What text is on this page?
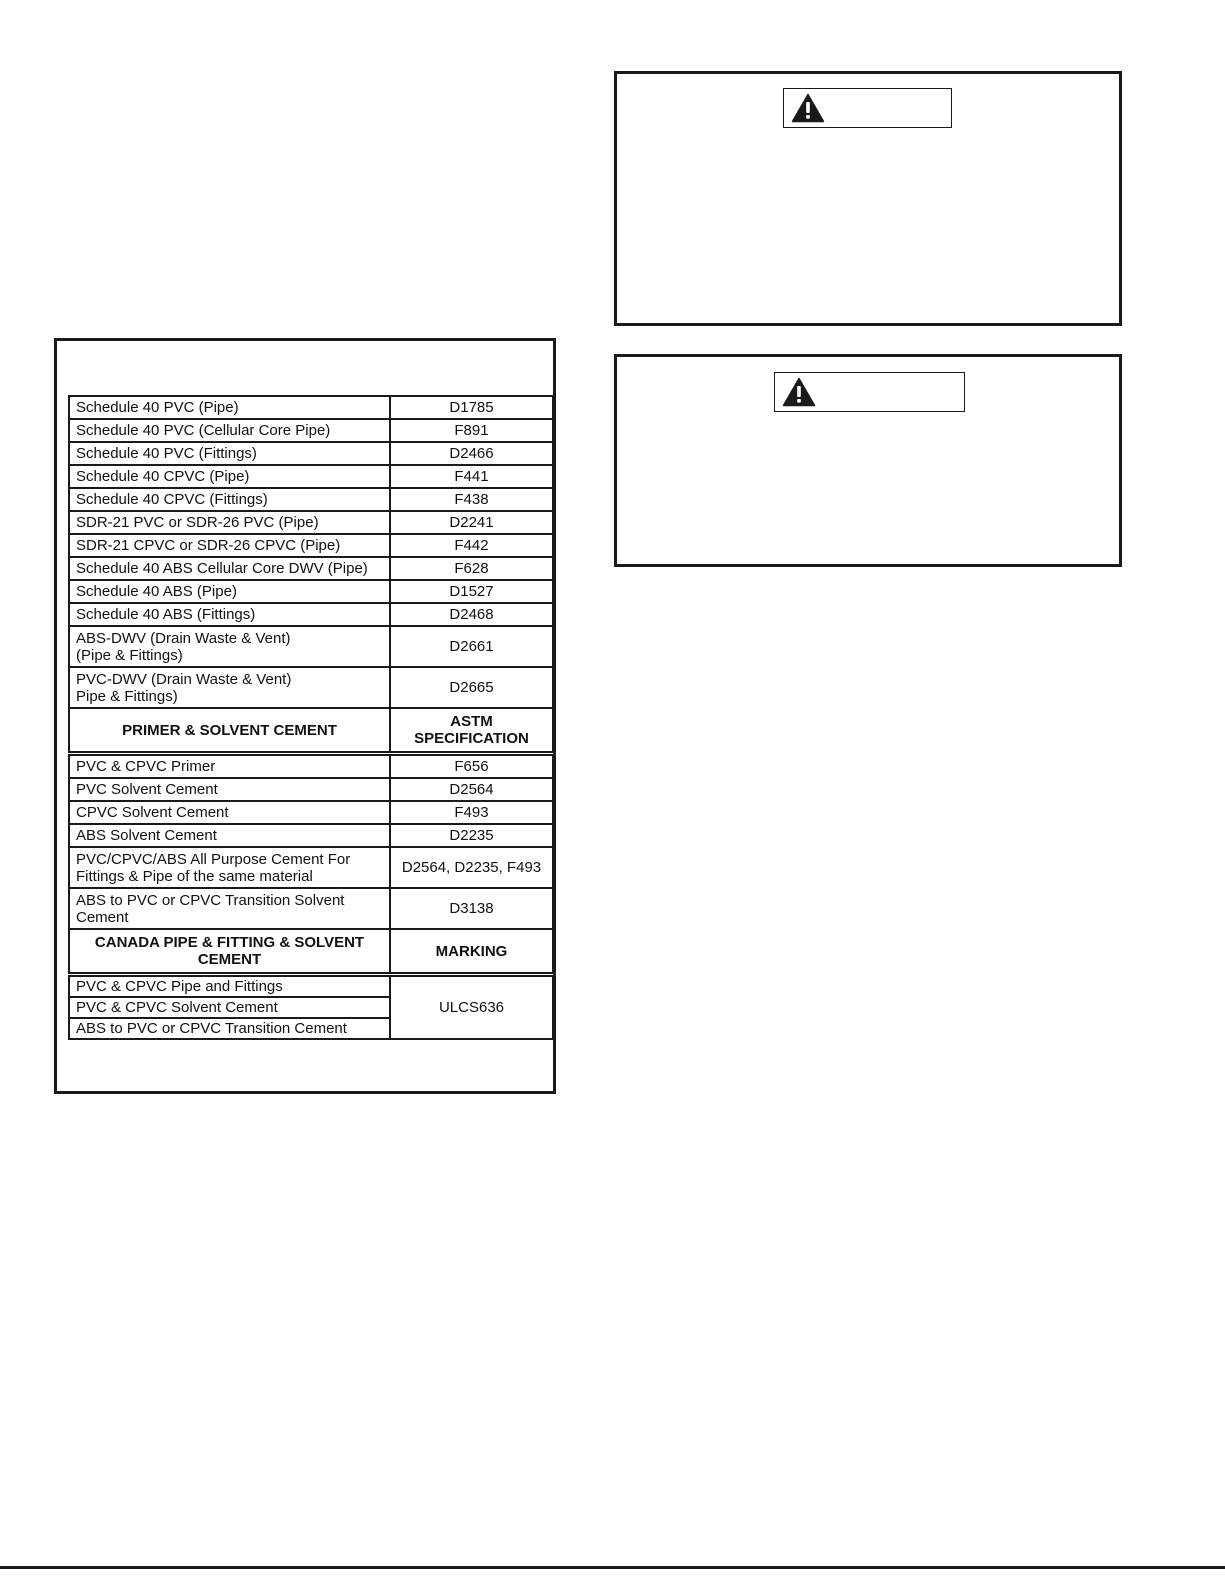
Schedule 40 PVC (Pipe)	D1785
Schedule 40 PVC (Cellular Core Pipe)	F891
Schedule 40 PVC (Fittings)	D2466
Schedule 40 CPVC (Pipe)	F441
Schedule 40 CPVC (Fittings)	F438
SDR-21 PVC or SDR-26 PVC (Pipe)	D2241
SDR-21 CPVC or SDR-26 CPVC (Pipe)	F442
Schedule 40 ABS Cellular Core DWV (Pipe)	F628
Schedule 40 ABS (Pipe)	D1527
Schedule 40 ABS (Fittings)	D2468

ABS-DWV (Drain Waste & Vent)
(Pipe & Fittings)	D2661

PVC-DWV (Drain Waste & Vent)
Pipe & Fittings)	D2665
PRIMER & SOLVENT CEMENT	ASTM
SPECIFICATION

PVC & CPVC Primer	F656
PVC Solvent Cement	D2564
CPVC Solvent Cement	F493
ABS Solvent Cement	D2235

PVC/CPVC/ABS All Purpose Cement For
Fittings & Pipe of the same material	D2564, D2235, F493

ABS to PVC or CPVC Transition Solvent
Cement	D3138

CANADA PIPE & FITTING & SOLVENT
CEMENT	MARKING
PVC & CPVC Pipe and Fittings	ULCS636
PVC & CPVC Solvent Cement	
ABS to PVC or CPVC Transition Cement	
